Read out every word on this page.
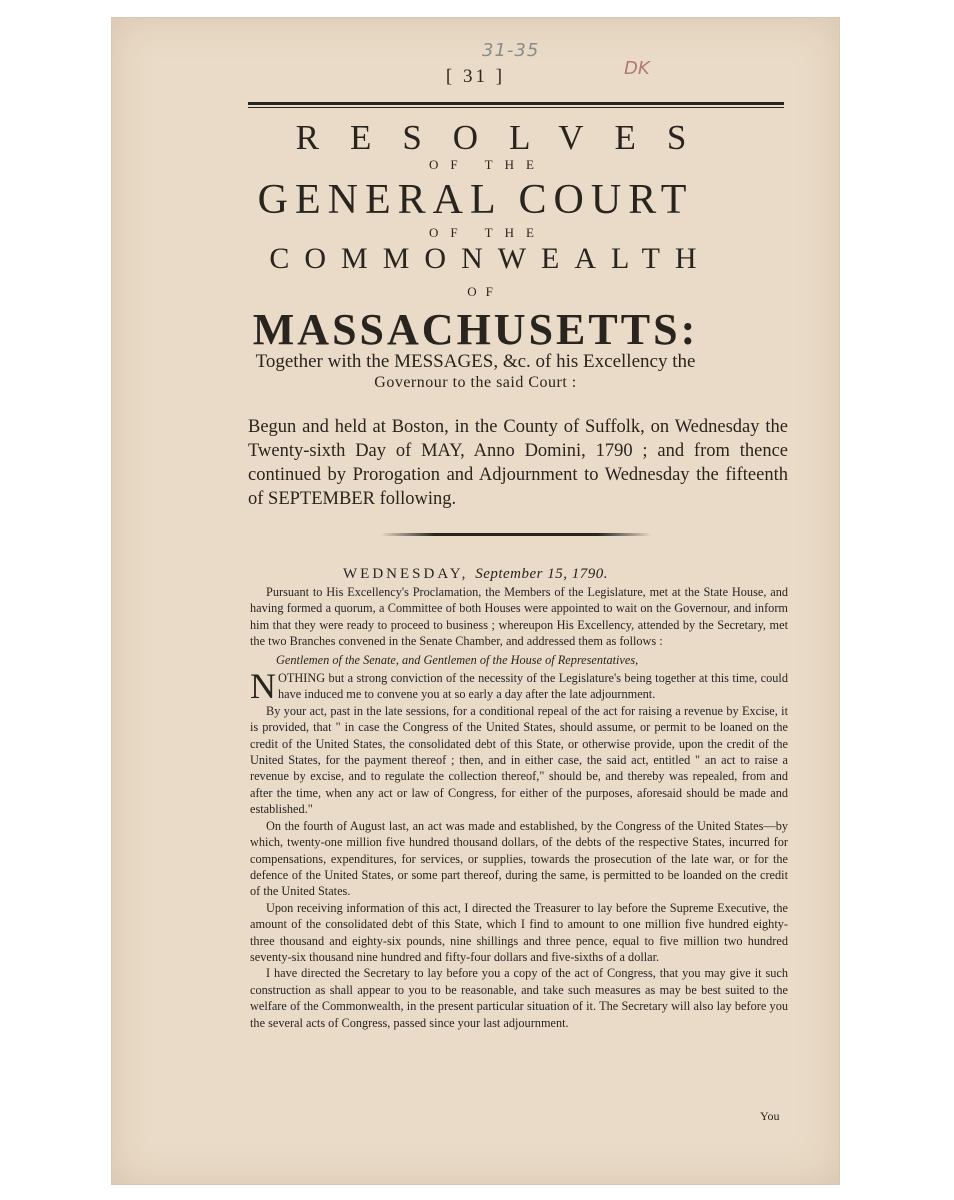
31-35
DK
[ 31 ]
RESOLVES
OF THE
GENERAL COURT
OF THE
COMMONWEALTH
OF
MASSACHUSETTS:
Together with the MESSAGES, &c. of his Excellency the
Governour to the said Court :
Begun and held at Boston, in the County of Suffolk, on Wednesday the Twenty-sixth Day of MAY, Anno Domini, 1790 ; and from thence continued by Prorogation and Adjournment to Wednesday the fifteenth of SEPTEMBER following.
WEDNESDAY, September 15, 1790.

Pursuant to His Excellency's Proclamation, the Members of the Legislature, met at the State House, and having formed a quorum, a Committee of both Houses were appointed to wait on the Governour, and inform him that they were ready to proceed to business ; whereupon His Excellency, attended by the Secretary, met the two Branches convened in the Senate Chamber, and addressed them as follows :

Gentlemen of the Senate, and Gentlemen of the House of Representatives,

NOTHING but a strong conviction of the necessity of the Legislature's being together at this time, could have induced me to convene you at so early a day after the late adjournment.

By your act, past in the late sessions, for a conditional repeal of the act for raising a revenue by Excise, it is provided, that " in case the Congress of the United States, should assume, or permit to be loaned on the credit of the United States, the consolidated debt of this State, or otherwise provide, upon the credit of the United States, for the payment thereof ; then, and in either case, the said act, entitled " an act to raise a revenue by excise, and to regulate the collection thereof," should be, and thereby was repealed, from and after the time, when any act or law of Congress, for either of the purposes, aforesaid should be made and established."

On the fourth of August last, an act was made and established, by the Congress of the United States—by which, twenty-one million five hundred thousand dollars, of the debts of the respective States, incurred for compensations, expenditures, for services, or supplies, towards the prosecution of the late war, or for the defence of the United States, or some part thereof, during the same, is permitted to be loanded on the credit of the United States.

Upon receiving information of this act, I directed the Treasurer to lay before the Supreme Executive, the amount of the consolidated debt of this State, which I find to amount to one million five hundred eighty-three thousand and eighty-six pounds, nine shillings and three pence, equal to five million two hundred seventy-six thousand nine hundred and fifty-four dollars and five-sixths of a dollar.

I have directed the Secretary to lay before you a copy of the act of Congress, that you may give it such construction as shall appear to you to be reasonable, and take such measures as may be best suited to the welfare of the Commonwealth, in the present particular situation of it. The Secretary will also lay before you the several acts of Congress, passed since your last adjournment.

You
